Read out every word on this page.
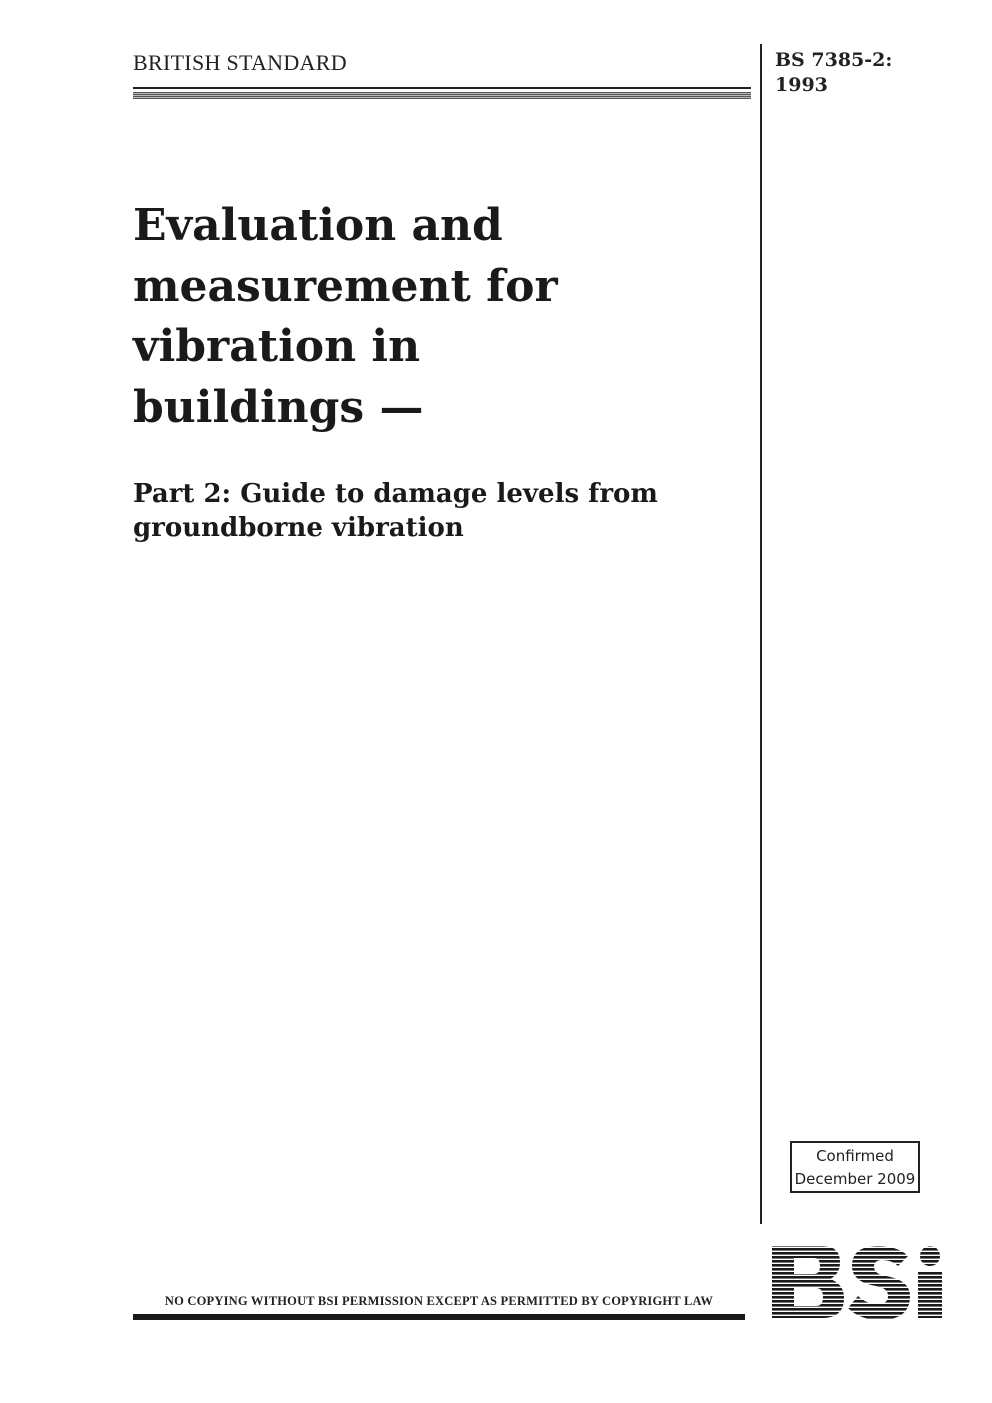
BRITISH STANDARD	BS 7385-2:
1993
Evaluation and
measurement for
vibration in
buildings —
Part 2: Guide to damage levels from
groundborne vibration
Confirmed
December 2009
NO COPYING WITHOUT BSI PERMISSION EXCEPT AS PERMITTED BY COPYRIGHT LAW
